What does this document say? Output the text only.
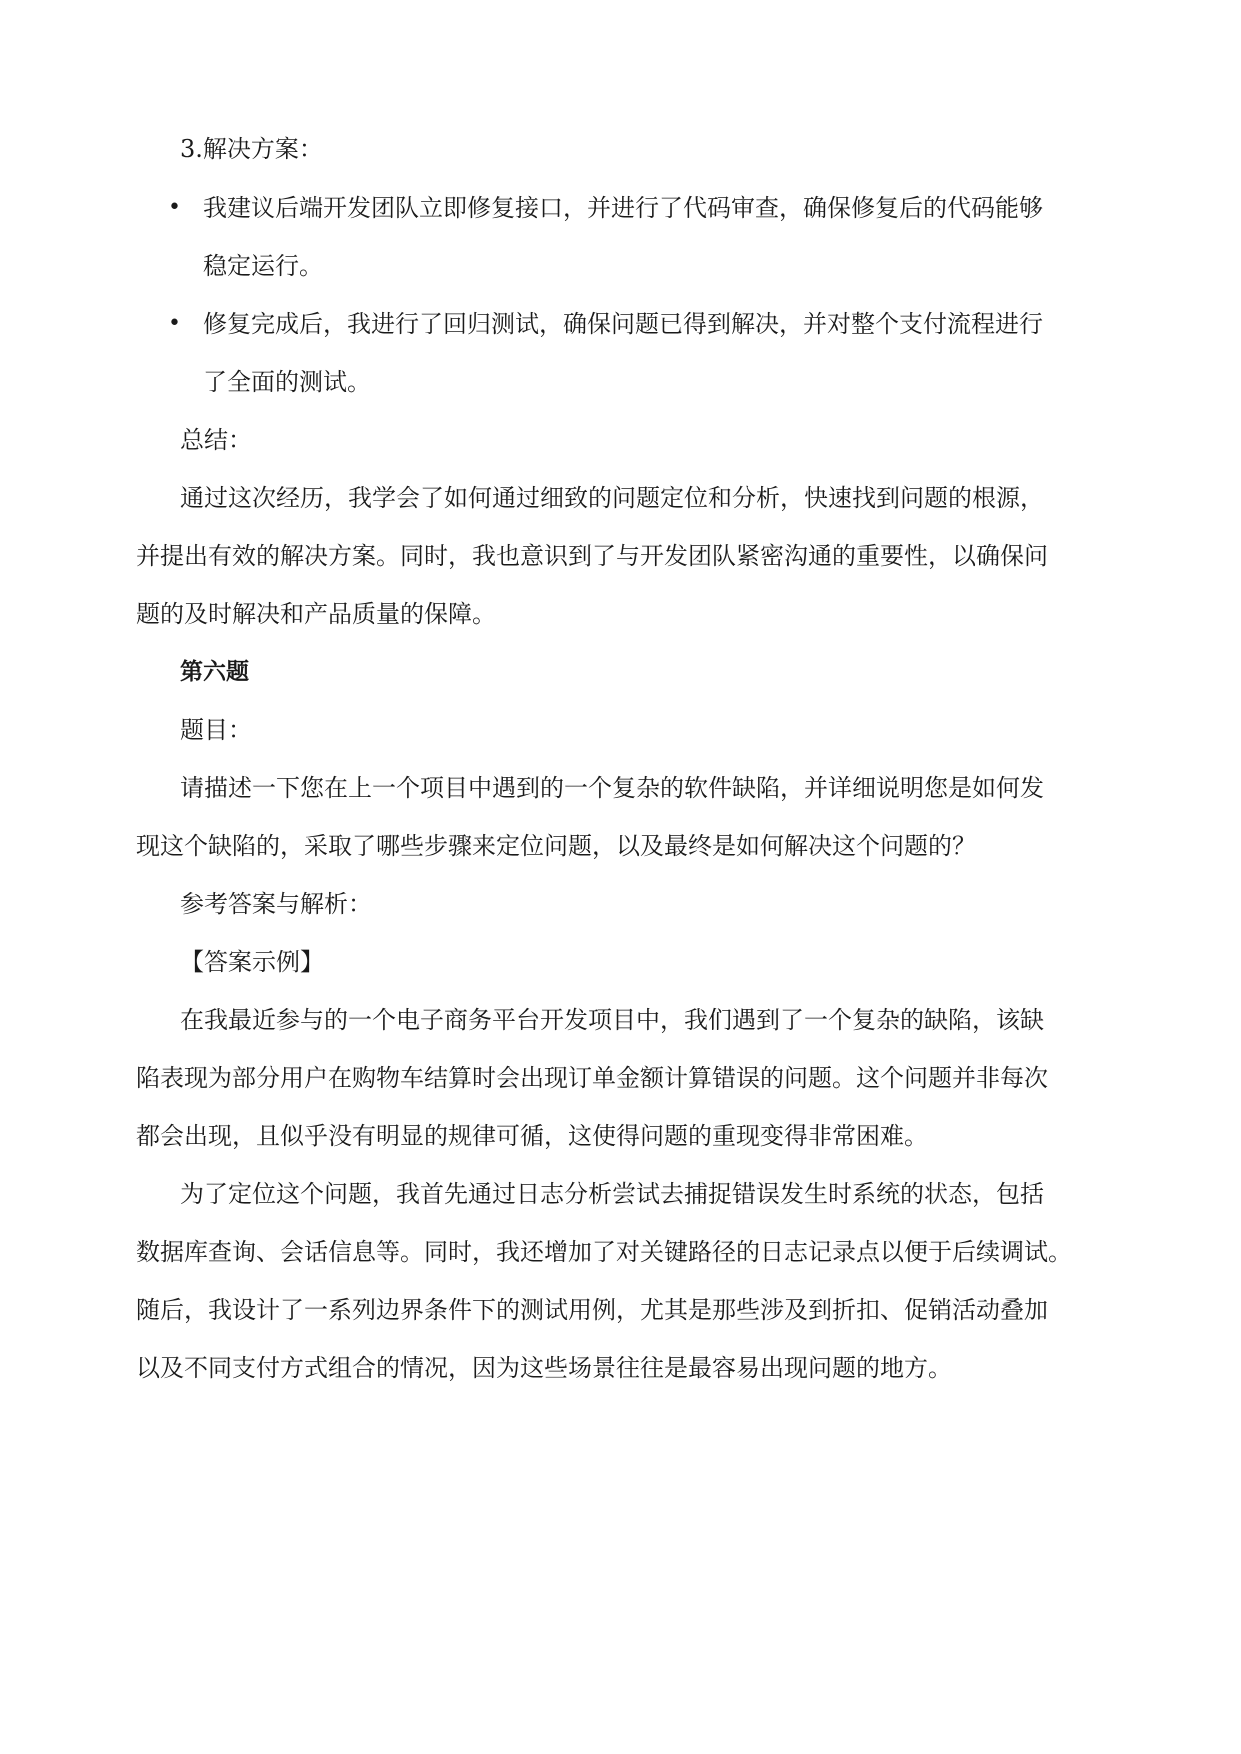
3.解决方案：
• 我建议后端开发团队立即修复接口，并进行了代码审查，确保修复后的代码能够
稳定运行。
• 修复完成后，我进行了回归测试，确保问题已得到解决，并对整个支付流程进行
了全面的测试。
总结：
通过这次经历，我学会了如何通过细致的问题定位和分析，快速找到问题的根源，
并提出有效的解决方案。同时，我也意识到了与开发团队紧密沟通的重要性，以确保问
题的及时解决和产品质量的保障。
第六题
题目：
请描述一下您在上一个项目中遇到的一个复杂的软件缺陷，并详细说明您是如何发
现这个缺陷的，采取了哪些步骤来定位问题，以及最终是如何解决这个问题的？
参考答案与解析：
【答案示例】
在我最近参与的一个电子商务平台开发项目中，我们遇到了一个复杂的缺陷，该缺
陷表现为部分用户在购物车结算时会出现订单金额计算错误的问题。这个问题并非每次
都会出现，且似乎没有明显的规律可循，这使得问题的重现变得非常困难。
为了定位这个问题，我首先通过日志分析尝试去捕捉错误发生时系统的状态，包括
数据库查询、会话信息等。同时，我还增加了对关键路径的日志记录点以便于后续调试。
随后，我设计了一系列边界条件下的测试用例，尤其是那些涉及到折扣、促销活动叠加
以及不同支付方式组合的情况，因为这些场景往往是最容易出现问题的地方。
